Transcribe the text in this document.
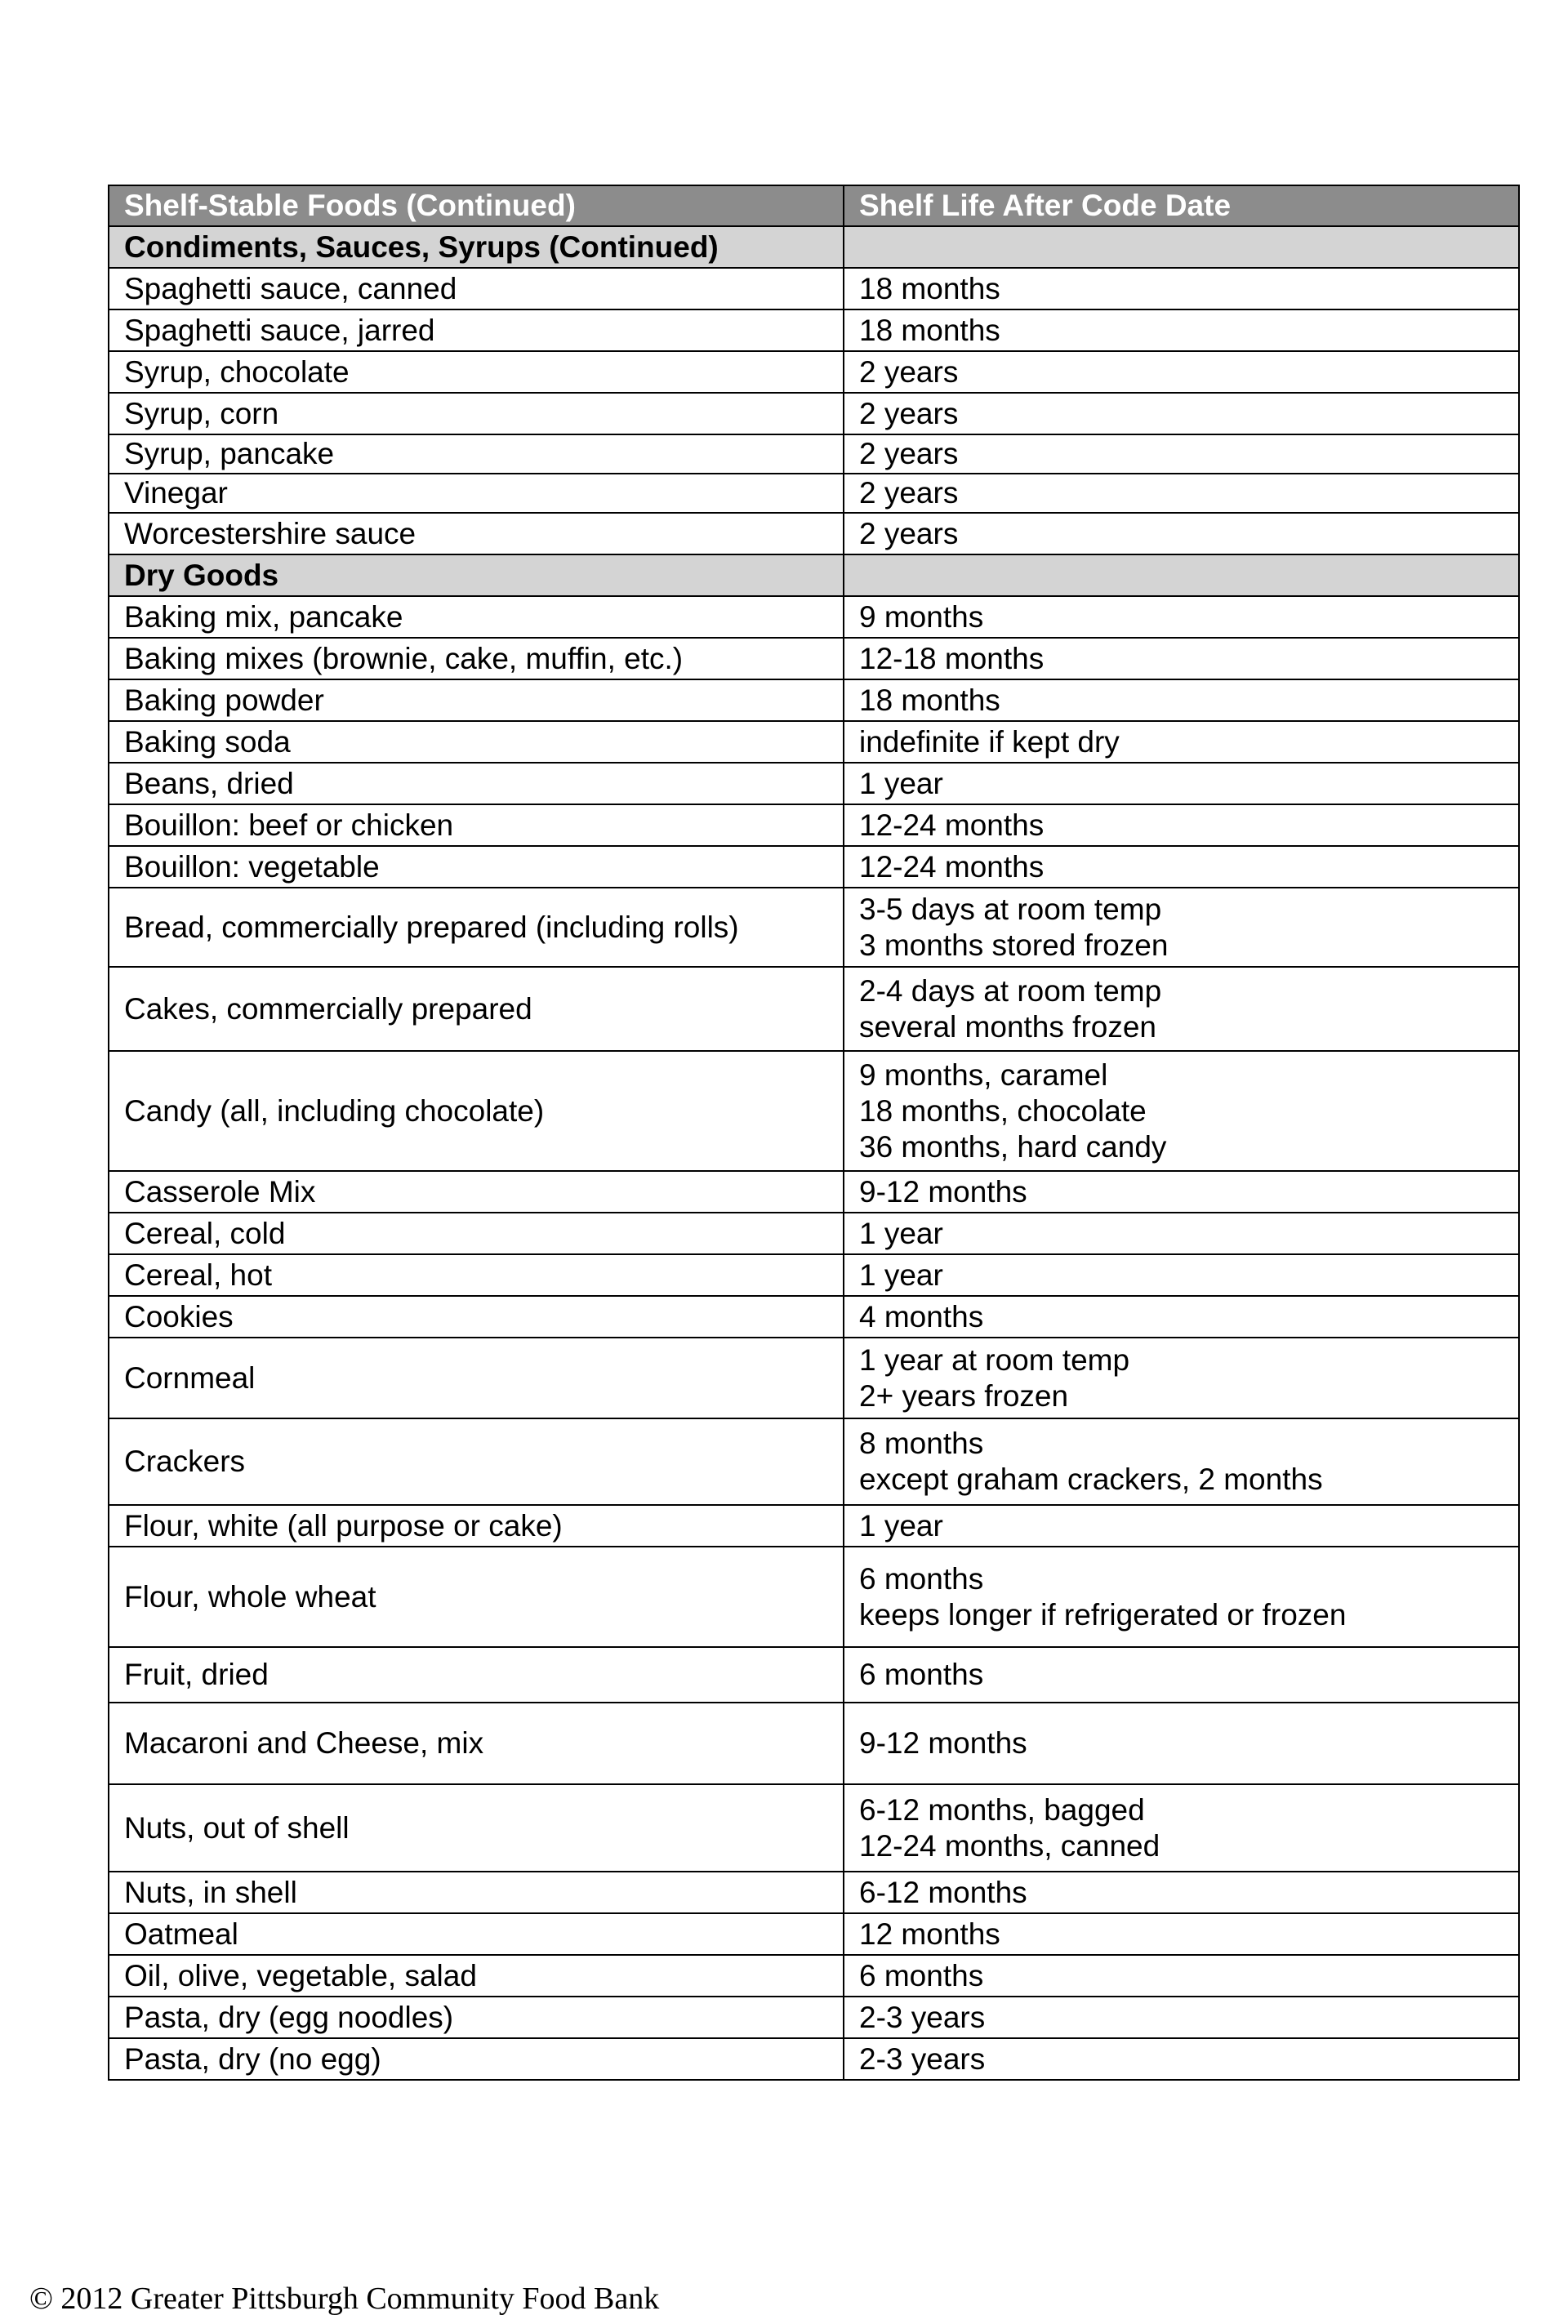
Shelf-Stable Foods (Continued)	Shelf Life After Code Date
Condiments, Sauces, Syrups (Continued)	
Spaghetti sauce, canned	18 months

Spaghetti sauce, jarred	18 months

Syrup, chocolate	2 years

Syrup, corn	2 years

Syrup, pancake	2 years

Vinegar	2 years

Worcestershire sauce	2 years

Dry Goods	
Baking mix, pancake	9 months

Baking mixes (brownie, cake, muffin, etc.)	12-18 months

Baking powder	18 months

Baking soda	indefinite if kept dry

Beans, dried	1 year

Bouillon: beef or chicken	12-24 months

Bouillon: vegetable	12-24 months

Bread, commercially prepared (including rolls)	3-5 days at room temp
3 months stored frozen

Cakes, commercially prepared	2-4 days at room temp
several months frozen

Candy (all, including chocolate)	9 months, caramel
18 months, chocolate
36 months, hard candy

Casserole Mix	9-12 months

Cereal, cold	1 year

Cereal, hot	1 year

Cookies	4 months

Cornmeal	1 year at room temp
2+ years frozen

Crackers	8 months
except graham crackers, 2 months

Flour, white (all purpose or cake)	1 year

Flour, whole wheat	6 months
keeps longer if refrigerated or frozen

Fruit, dried	6 months

Macaroni and Cheese, mix	9-12 months

Nuts, out of shell	6-12 months, bagged
12-24 months, canned

Nuts, in shell	6-12 months

Oatmeal	12 months

Oil, olive, vegetable, salad	6 months

Pasta, dry (egg noodles)	2-3 years

Pasta, dry (no egg)	2-3 years
© 2012 Greater Pittsburgh Community Food Bank
